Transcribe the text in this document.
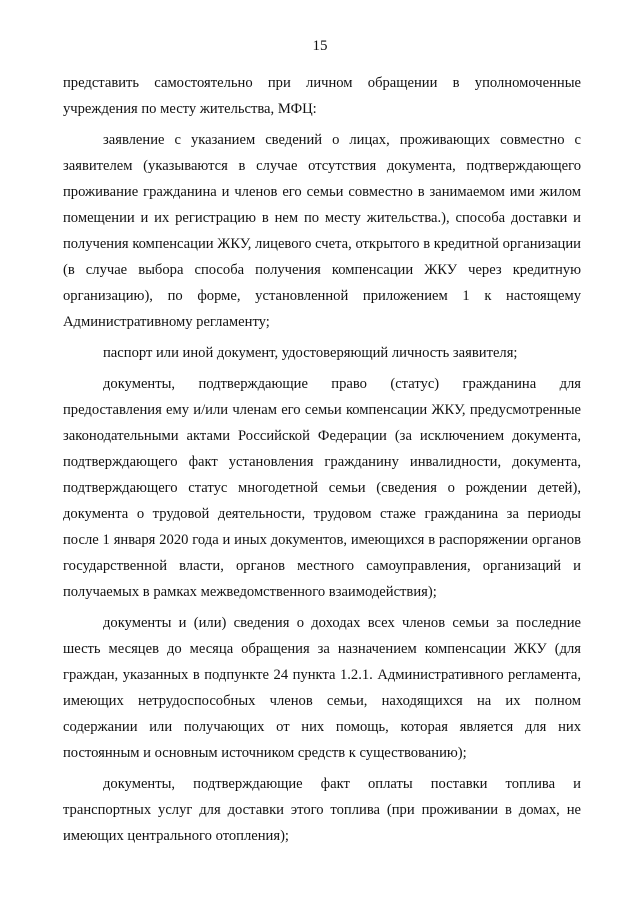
15

представить самостоятельно при личном обращении в уполномоченные учреждения по месту жительства, МФЦ:

заявление с указанием сведений о лицах, проживающих совместно с заявителем (указываются в случае отсутствия документа, подтверждающего проживание гражданина и членов его семьи совместно в занимаемом ими жилом помещении и их регистрацию в нем по месту жительства.), способа доставки и получения компенсации ЖКУ, лицевого счета, открытого в кредитной организации (в случае выбора способа получения компенсации ЖКУ через кредитную организацию), по форме, установленной приложением 1 к настоящему Административному регламенту;

паспорт или иной документ, удостоверяющий личность заявителя;

документы, подтверждающие право (статус) гражданина для предоставления ему и/или членам его семьи компенсации ЖКУ, предусмотренные законодательными актами Российской Федерации (за исключением документа, подтверждающего факт установления гражданину инвалидности, документа, подтверждающего статус многодетной семьи (сведения о рождении детей), документа о трудовой деятельности, трудовом стаже гражданина за периоды после 1 января 2020 года и иных документов, имеющихся в распоряжении органов государственной власти, органов местного самоуправления, организаций и получаемых в рамках межведомственного взаимодействия);

документы и (или) сведения о доходах всех членов семьи за последние шесть месяцев до месяца обращения за назначением компенсации ЖКУ (для граждан, указанных в подпункте 24 пункта 1.2.1. Административного регламента, имеющих нетрудоспособных членов семьи, находящихся на их полном содержании или получающих от них помощь, которая является для них постоянным и основным источником средств к существованию);

документы, подтверждающие факт оплаты поставки топлива и транспортных услуг для доставки этого топлива (при проживании в домах, не имеющих центрального отопления);
